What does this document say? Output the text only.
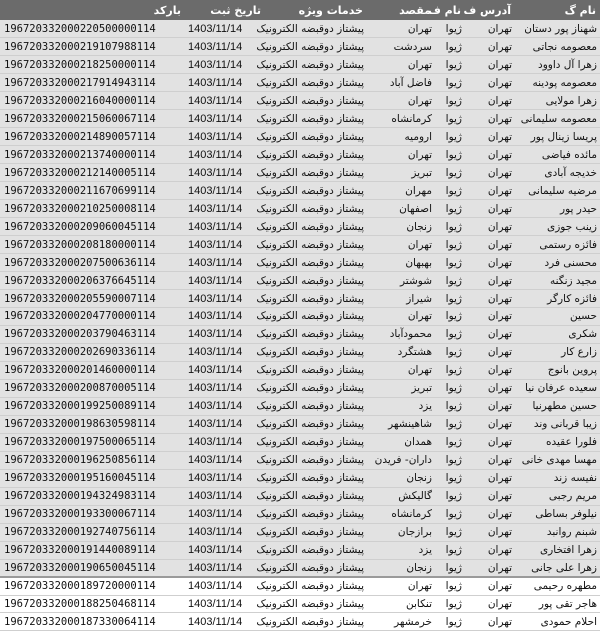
نام گ	آدرس ف	نام ف	مقصد	خدمات ویژه	تاریخ ثبت	بارکد
شهناز پور دستان	تهران	ژیوا	تهران	پیشتاز دوقبضه الکترونیک	1403/11/14	196720332000220500000114
معصومه نجاتی	تهران	ژیوا	سردشت	پیشتاز دوقبضه الکترونیک	1403/11/14	196720332000219107988114
زهرا آل داوود	تهران	ژیوا	تهران	پیشتاز دوقبضه الکترونیک	1403/11/14	196720332000218250000114
معصومه پودینه	تهران	ژیوا	فاضل آباد	پیشتاز دوقبضه الکترونیک	1403/11/14	196720332000217914943114
زهرا مولایی	تهران	ژیوا	تهران	پیشتاز دوقبضه الکترونیک	1403/11/14	196720332000216040000114
معصومه سلیمانی	تهران	ژیوا	کرمانشاه	پیشتاز دوقبضه الکترونیک	1403/11/14	196720332000215060067114
پریسا زینال پور	تهران	ژیوا	ارومیه	پیشتاز دوقبضه الکترونیک	1403/11/14	196720332000214890057114
مائده فیاضی	تهران	ژیوا	تهران	پیشتاز دوقبضه الکترونیک	1403/11/14	196720332000213740000114
خدیجه آبادی	تهران	ژیوا	تبریز	پیشتاز دوقبضه الکترونیک	1403/11/14	196720332000212140005114
مرضیه سلیمانی	تهران	ژیوا	مهران	پیشتاز دوقبضه الکترونیک	1403/11/14	196720332000211670699114
حیدر پور	تهران	ژیوا	اصفهان	پیشتاز دوقبضه الکترونیک	1403/11/14	196720332000210250008114
زینب جوزی	تهران	ژیوا	زنجان	پیشتاز دوقبضه الکترونیک	1403/11/14	196720332000209060045114
فائزه رستمی	تهران	ژیوا	تهران	پیشتاز دوقبضه الکترونیک	1403/11/14	196720332000208180000114
محسنی فرد	تهران	ژیوا	بهبهان	پیشتاز دوقبضه الکترونیک	1403/11/14	196720332000207500636114
مجید زنگنه	تهران	ژیوا	شوشتر	پیشتاز دوقبضه الکترونیک	1403/11/14	196720332000206376645114
فائزه کارگر	تهران	ژیوا	شیراز	پیشتاز دوقبضه الکترونیک	1403/11/14	196720332000205590007114
حسین	تهران	ژیوا	تهران	پیشتاز دوقبضه الکترونیک	1403/11/14	196720332000204770000114
شکری	تهران	ژیوا	محمودآباد	پیشتاز دوقبضه الکترونیک	1403/11/14	196720332000203790463114
زارع کار	تهران	ژیوا	هشتگرد	پیشتاز دوقبضه الکترونیک	1403/11/14	196720332000202690336114
پروین بانوج	تهران	ژیوا	تهران	پیشتاز دوقبضه الکترونیک	1403/11/14	196720332000201460000114
سعیده عرفان نیا	تهران	ژیوا	تبریز	پیشتاز دوقبضه الکترونیک	1403/11/14	196720332000200870005114
حسین مطهرنیا	تهران	ژیوا	یزد	پیشتاز دوقبضه الکترونیک	1403/11/14	196720332000199250089114
زیبا قربانی وند	تهران	ژیوا	شاهینشهر	پیشتاز دوقبضه الکترونیک	1403/11/14	196720332000198630598114
فلورا عقیده	تهران	ژیوا	همدان	پیشتاز دوقبضه الکترونیک	1403/11/14	196720332000197500065114
مهسا مهدی خانی	تهران	ژیوا	داران- فریدن	پیشتاز دوقبضه الکترونیک	1403/11/14	196720332000196250856114
نفیسه زند	تهران	ژیوا	زنجان	پیشتاز دوقبضه الکترونیک	1403/11/14	196720332000195160045114
مریم رجبی	تهران	ژیوا	گالیکش	پیشتاز دوقبضه الکترونیک	1403/11/14	196720332000194324983114
نیلوفر بساطی	تهران	ژیوا	کرمانشاه	پیشتاز دوقبضه الکترونیک	1403/11/14	196720332000193300067114
شبنم روانبد	تهران	ژیوا	برازجان	پیشتاز دوقبضه الکترونیک	1403/11/14	196720332000192740756114
زهرا افتخاری	تهران	ژیوا	یزد	پیشتاز دوقبضه الکترونیک	1403/11/14	196720332000191440089114
زهرا علی جانی	تهران	ژیوا	زنجان	پیشتاز دوقبضه الکترونیک	1403/11/14	196720332000190650045114
مطهره رحیمی	تهران	ژیوا	تهران	پیشتاز دوقبضه الکترونیک	1403/11/14	196720332000189720000114
هاجر تقی پور	تهران	ژیوا	تنکابن	پیشتاز دوقبضه الکترونیک	1403/11/14	196720332000188250468114
احلام حمودی	تهران	ژیوا	خرمشهر	پیشتاز دوقبضه الکترونیک	1403/11/14	196720332000187330064114
